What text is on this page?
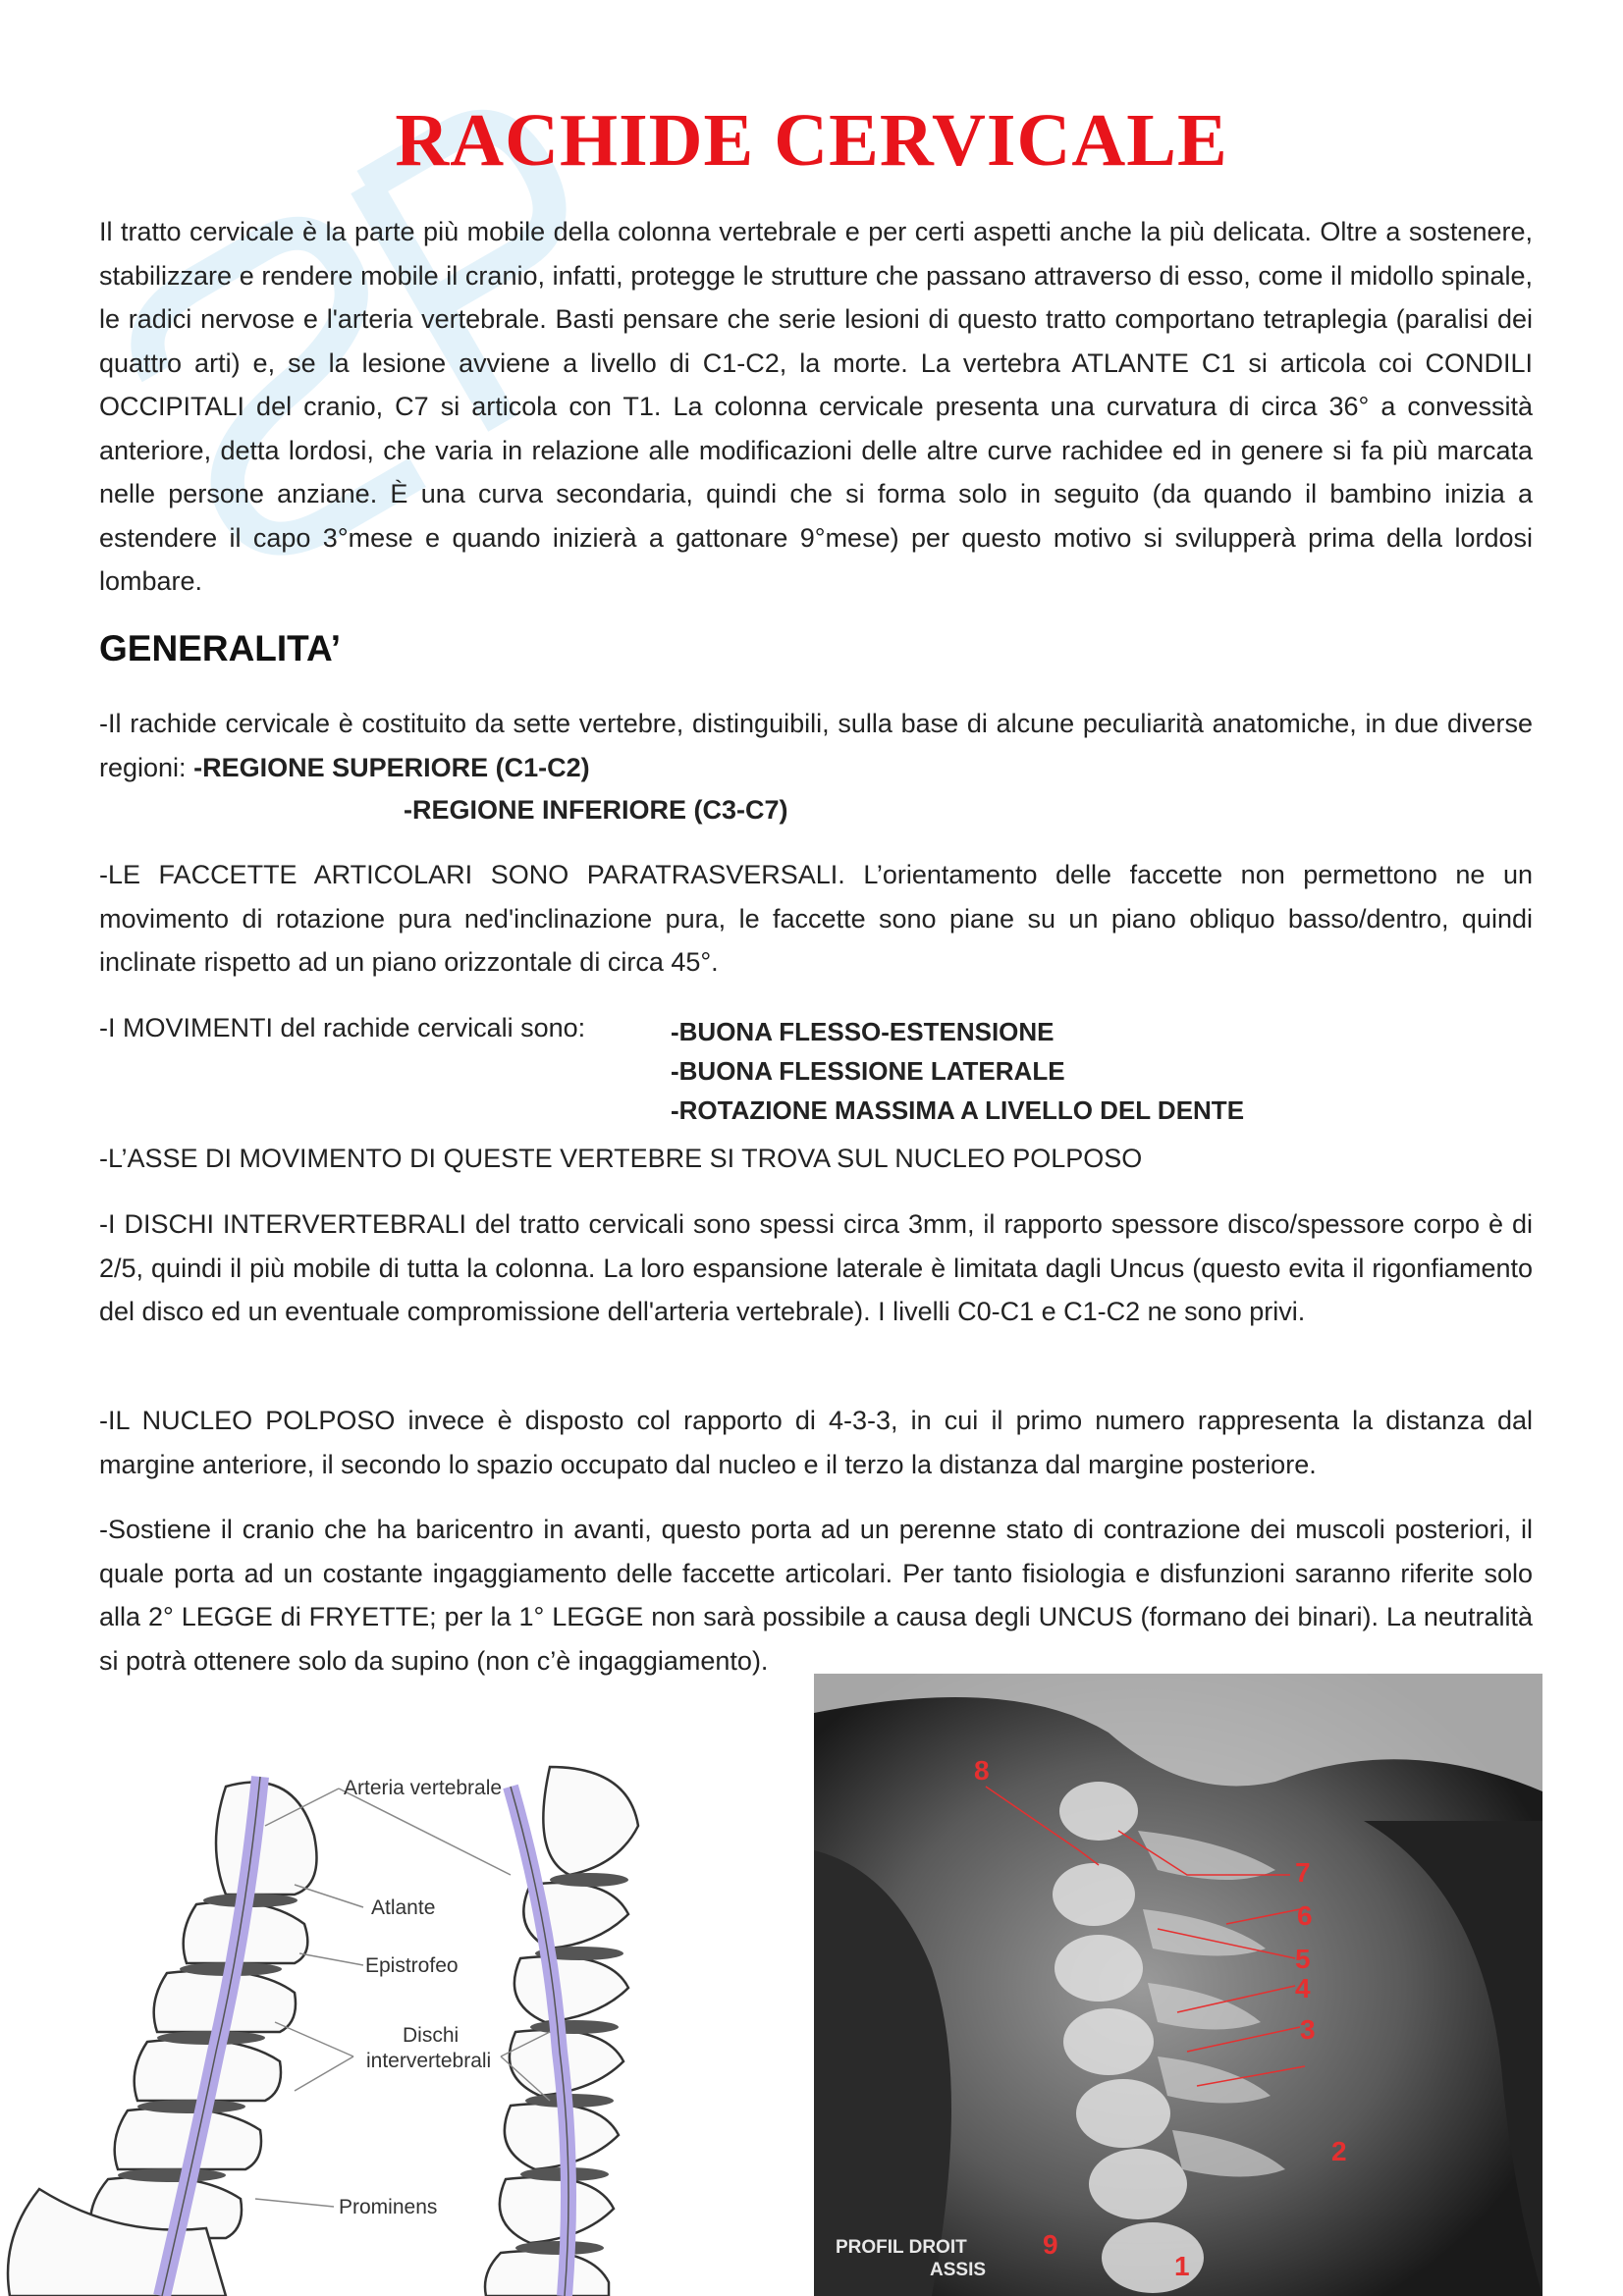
RACHIDE CERVICALE

Il tratto cervicale è la parte più mobile della colonna vertebrale e per certi aspetti anche la più delicata. Oltre a sostenere, stabilizzare e rendere mobile il cranio, infatti, protegge le strutture che passano attraverso di esso, come il midollo spinale, le radici nervose e l'arteria vertebrale. Basti pensare che serie lesioni di questo tratto comportano tetraplegia (paralisi dei quattro arti) e, se la lesione avviene a livello di C1-C2, la morte. La vertebra ATLANTE C1 si articola coi CONDILI OCCIPITALI del cranio, C7 si articola con T1. La colonna cervicale presenta una curvatura di circa 36° a convessità anteriore, detta lordosi, che varia in relazione alle modificazioni delle altre curve rachidee ed in genere si fa più marcata nelle persone anziane. È una curva secondaria, quindi che si forma solo in seguito (da quando il bambino inizia a estendere il capo 3°mese e quando inizierà a gattonare 9°mese) per questo motivo si svilupperà prima della lordosi lombare.

GENERALITA’

-Il rachide cervicale è costituito da sette vertebre, distinguibili, sulla base di alcune peculiarità anatomiche, in due diverse regioni: -REGIONE SUPERIORE (C1-C2)

-REGIONE INFERIORE (C3-C7)

-LE FACCETTE ARTICOLARI SONO PARATRASVERSALI. L’orientamento delle faccette non permettono ne un movimento di rotazione pura ned'inclinazione pura, le faccette sono piane su un piano obliquo basso/dentro, quindi inclinate rispetto ad un piano orizzontale di circa 45°.

-I MOVIMENTI del rachide cervicali sono:	-BUONA FLESSO-ESTENSIONE
-BUONA FLESSIONE LATERALE
-ROTAZIONE MASSIMA A LIVELLO DEL DENTE

-L’ASSE DI MOVIMENTO DI QUESTE VERTEBRE SI TROVA SUL NUCLEO POLPOSO

-I DISCHI INTERVERTEBRALI del tratto cervicali sono spessi circa 3mm, il rapporto spessore disco/spessore corpo è di 2/5, quindi il più mobile di tutta la colonna. La loro espansione laterale è limitata dagli Uncus (questo evita il rigonfiamento del disco ed un eventuale compromissione dell'arteria vertebrale). I livelli C0-C1 e C1-C2 ne sono privi.

-IL NUCLEO POLPOSO invece è disposto col rapporto di 4-3-3, in cui il primo numero rappresenta la distanza dal margine anteriore, il secondo lo spazio occupato dal nucleo e il terzo la distanza dal margine posteriore.

-Sostiene il cranio che ha baricentro in avanti, questo porta ad un perenne stato di contrazione dei muscoli posteriori, il quale porta ad un costante ingaggiamento delle faccette articolari. Per tanto fisiologia e disfunzioni saranno riferite solo alla 2° LEGGE di FRYETTE; per la 1° LEGGE non sarà possibile a causa degli UNCUS (formano dei binari). La neutralità si potrà ottenere solo da supino (non c’è ingaggiamento).

Arteria vertebrale
Atlante
Epistrofeo
Dischi
intervertebrali
Prominens
8
7
6
5
4
3
2
9
1
PROFIL DROIT
ASSIS
